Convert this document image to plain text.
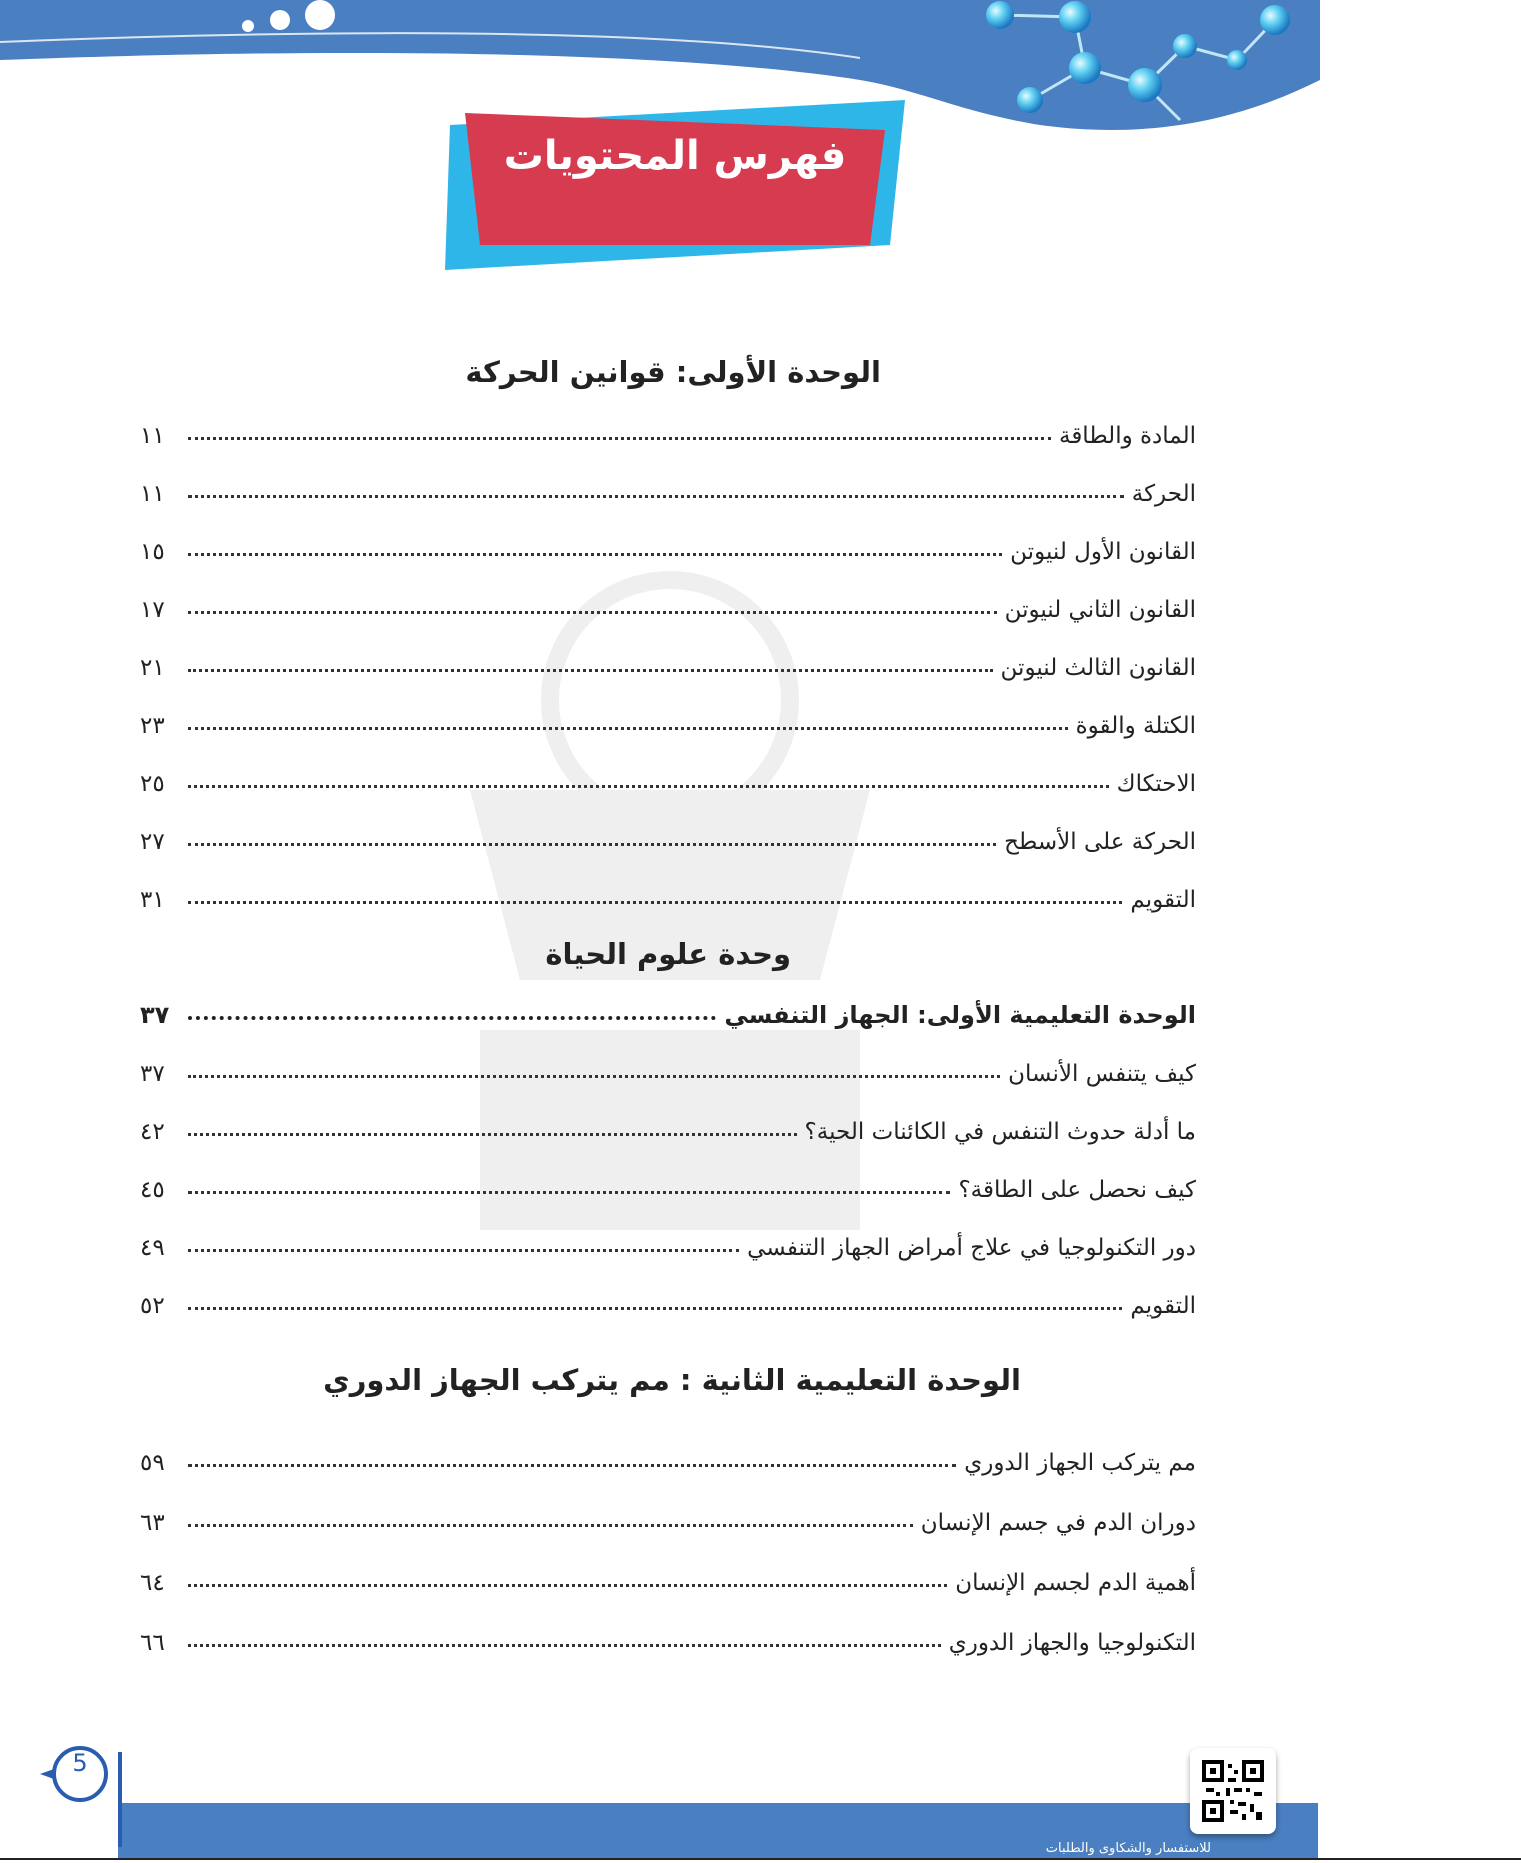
فهرس المحتويات
الوحدة الأولى: قوانين الحركة
المادة والطاقة
١١
الحركة
١١
القانون الأول لنيوتن
١٥
القانون الثاني لنيوتن
١٧
القانون الثالث لنيوتن
٢١
الكتلة والقوة
٢٣
الاحتكاك
٢٥
الحركة على الأسطح
٢٧
التقويم
٣١
وحدة علوم الحياة
الوحدة التعليمية الأولى: الجهاز التنفسي
٣٧
كيف يتنفس الأنسان
٣٧
ما أدلة حدوث التنفس في الكائنات الحية؟
٤٢
كيف نحصل على الطاقة؟
٤٥
دور التكنولوجيا في علاج أمراض الجهاز التنفسي
٤٩
التقويم
٥٢
الوحدة التعليمية الثانية : مم يتركب الجهاز الدوري
مم يتركب الجهاز الدوري
٥٩
دوران الدم في جسم الإنسان
٦٣
أهمية الدم لجسم الإنسان
٦٤
التكنولوجيا والجهاز الدوري
٦٦
للاستفسار والشكاوى والطلبات
5
